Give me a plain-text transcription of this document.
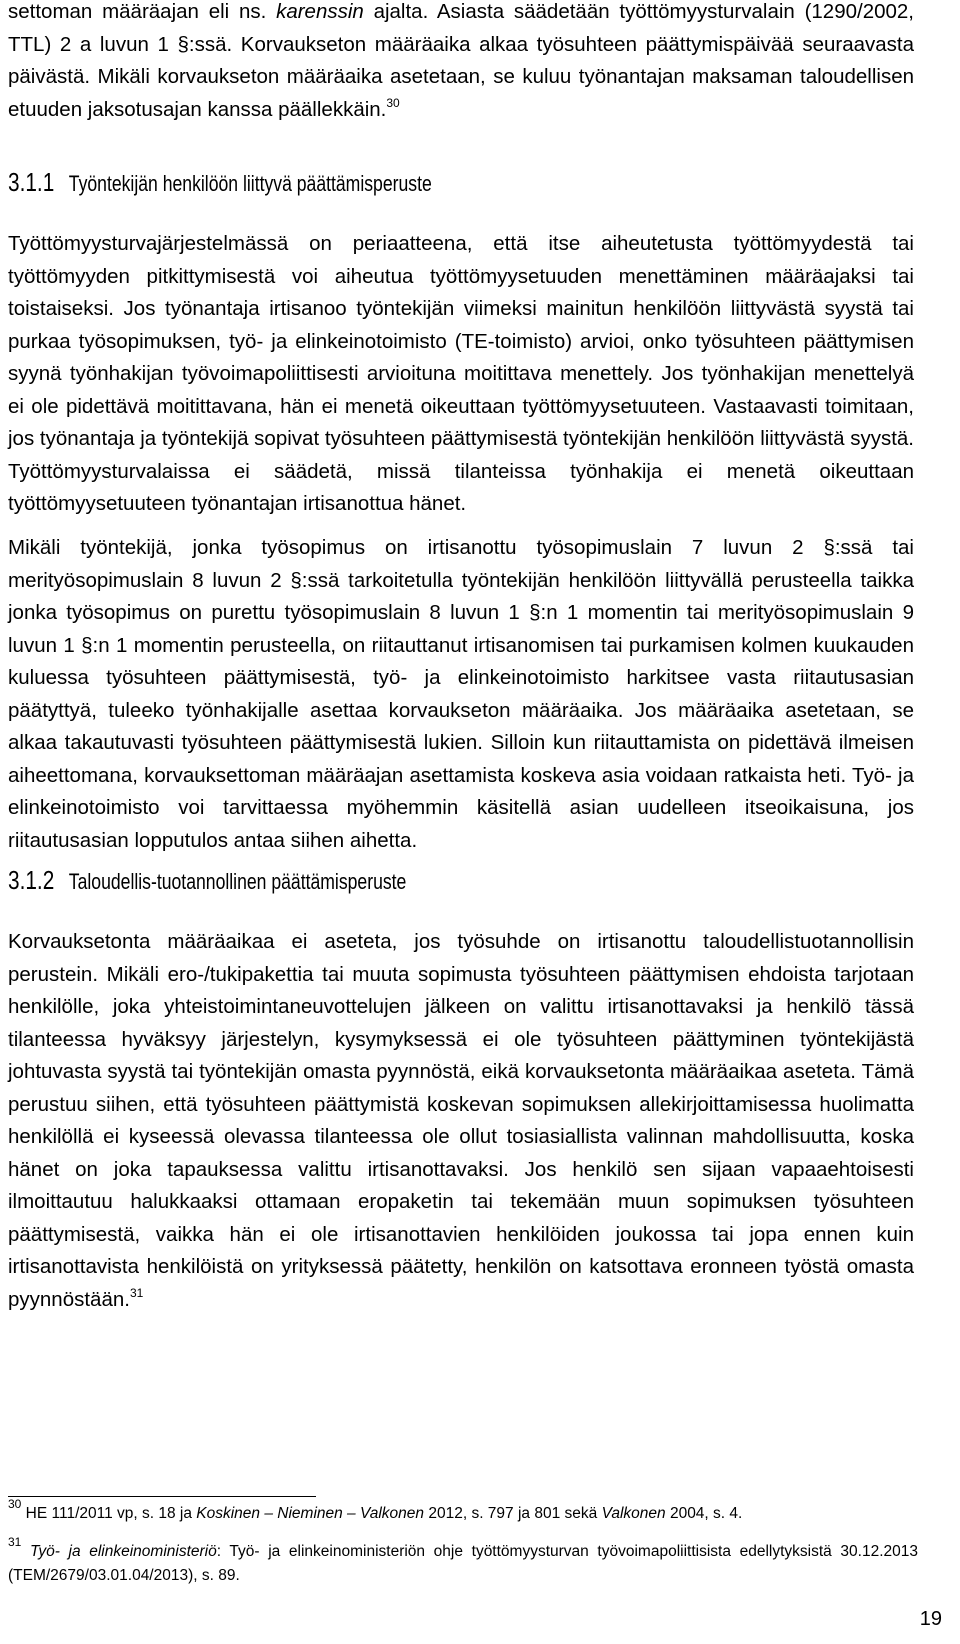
settoman määräajan eli ns. karenssin ajalta. Asiasta säädetään työttömyysturvalain (1290/2002, TTL) 2 a luvun 1 §:ssä. Korvaukseton määräaika alkaa työsuhteen päättymispäivää seuraavasta päivästä. Mikäli korvaukseton määräaika asetetaan, se kuluu työnantajan maksaman taloudellisen etuuden jaksotusajan kanssa päällekkäin.$^{30}$

3.1.1 Työntekijän henkilöön liittyvä päättämisperuste

Työttömyysturvajärjestelmässä on periaatteena, että itse aiheutetusta työttömyydestä tai työttömyyden pitkittymisestä voi aiheutua työttömyysetuuden menettäminen määräajaksi tai toistaiseksi. Jos työnantaja irtisanoo työntekijän viimeksi mainitun henkilöön liittyvästä syystä tai purkaa työsopimuksen, työ- ja elinkeinotoimisto (TE-toimisto) arvioi, onko työsuhteen päättymisen syynä työnhakijan työvoimapoliittisesti arvioituna moitittava menettely. Jos työnhakijan menettelyä ei ole pidettävä moitittavana, hän ei menetä oikeuttaan työttömyysetuuteen. Vastaavasti toimitaan, jos työnantaja ja työntekijä sopivat työsuhteen päättymisestä työntekijän henkilöön liittyvästä syystä. Työttömyysturvalaissa ei säädetä, missä tilanteissa työnhakija ei menetä oikeuttaan työttömyysetuuteen työnantajan irtisanottua hänet.

Mikäli työntekijä, jonka työsopimus on irtisanottu työsopimuslain 7 luvun 2 §:ssä tai merityösopimuslain 8 luvun 2 §:ssä tarkoitetulla työntekijän henkilöön liittyvällä perusteella taikka jonka työsopimus on purettu työsopimuslain 8 luvun 1 §:n 1 momentin tai merityösopimuslain 9 luvun 1 §:n 1 momentin perusteella, on riitauttanut irtisanomisen tai purkamisen kolmen kuukauden kuluessa työsuhteen päättymisestä, työ- ja elinkeinotoimisto harkitsee vasta riitautusasian päätyttyä, tuleeko työnhakijalle asettaa korvaukseton määräaika. Jos määräaika asetetaan, se alkaa takautuvasti työsuhteen päättymisestä lukien. Silloin kun riitauttamista on pidettävä ilmeisen aiheettomana, korvauksettoman määräajan asettamista koskeva asia voidaan ratkaista heti. Työ- ja elinkeinotoimisto voi tarvittaessa myöhemmin käsitellä asian uudelleen itseoikaisuna, jos riitautusasian lopputulos antaa siihen aihetta.

3.1.2 Taloudellis-tuotannollinen päättämisperuste

Korvauksetonta määräaikaa ei aseteta, jos työsuhde on irtisanottu taloudellistuotannollisin perustein. Mikäli ero-/tukipakettia tai muuta sopimusta työsuhteen päättymisen ehdoista tarjotaan henkilölle, joka yhteistoimintaneuvottelujen jälkeen on valittu irtisanottavaksi ja henkilö tässä tilanteessa hyväksyy järjestelyn, kysymyksessä ei ole työsuhteen päättyminen työntekijästä johtuvasta syystä tai työntekijän omasta pyynnöstä, eikä korvauksetonta määräaikaa aseteta. Tämä perustuu siihen, että työsuhteen päättymistä koskevan sopimuksen allekirjoittamisessa huolimatta henkilöllä ei kyseessä olevassa tilanteessa ole ollut tosiasiallista valinnan mahdollisuutta, koska hänet on joka tapauksessa valittu irtisanottavaksi. Jos henkilö sen sijaan vapaaehtoisesti ilmoittautuu halukkaaksi ottamaan eropaketin tai tekemään muun sopimuksen työsuhteen päättymisestä, vaikka hän ei ole irtisanottavien henkilöiden joukossa tai jopa ennen kuin irtisanottavista henkilöistä on yrityksessä päätetty, henkilön on katsottava eronneen työstä omasta pyynnöstään.$^{31}$

$^{30}$ HE 111/2011 vp, s. 18 ja Koskinen – Nieminen – Valkonen 2012, s. 797 ja 801 sekä Valkonen 2004, s. 4.

$^{31}$ Työ- ja elinkeinoministeriö: Työ- ja elinkeinoministeriön ohje työttömyysturvan työvoimapoliittisista edellytyksistä 30.12.2013 (TEM/2679/03.01.04/2013), s. 89.

19
